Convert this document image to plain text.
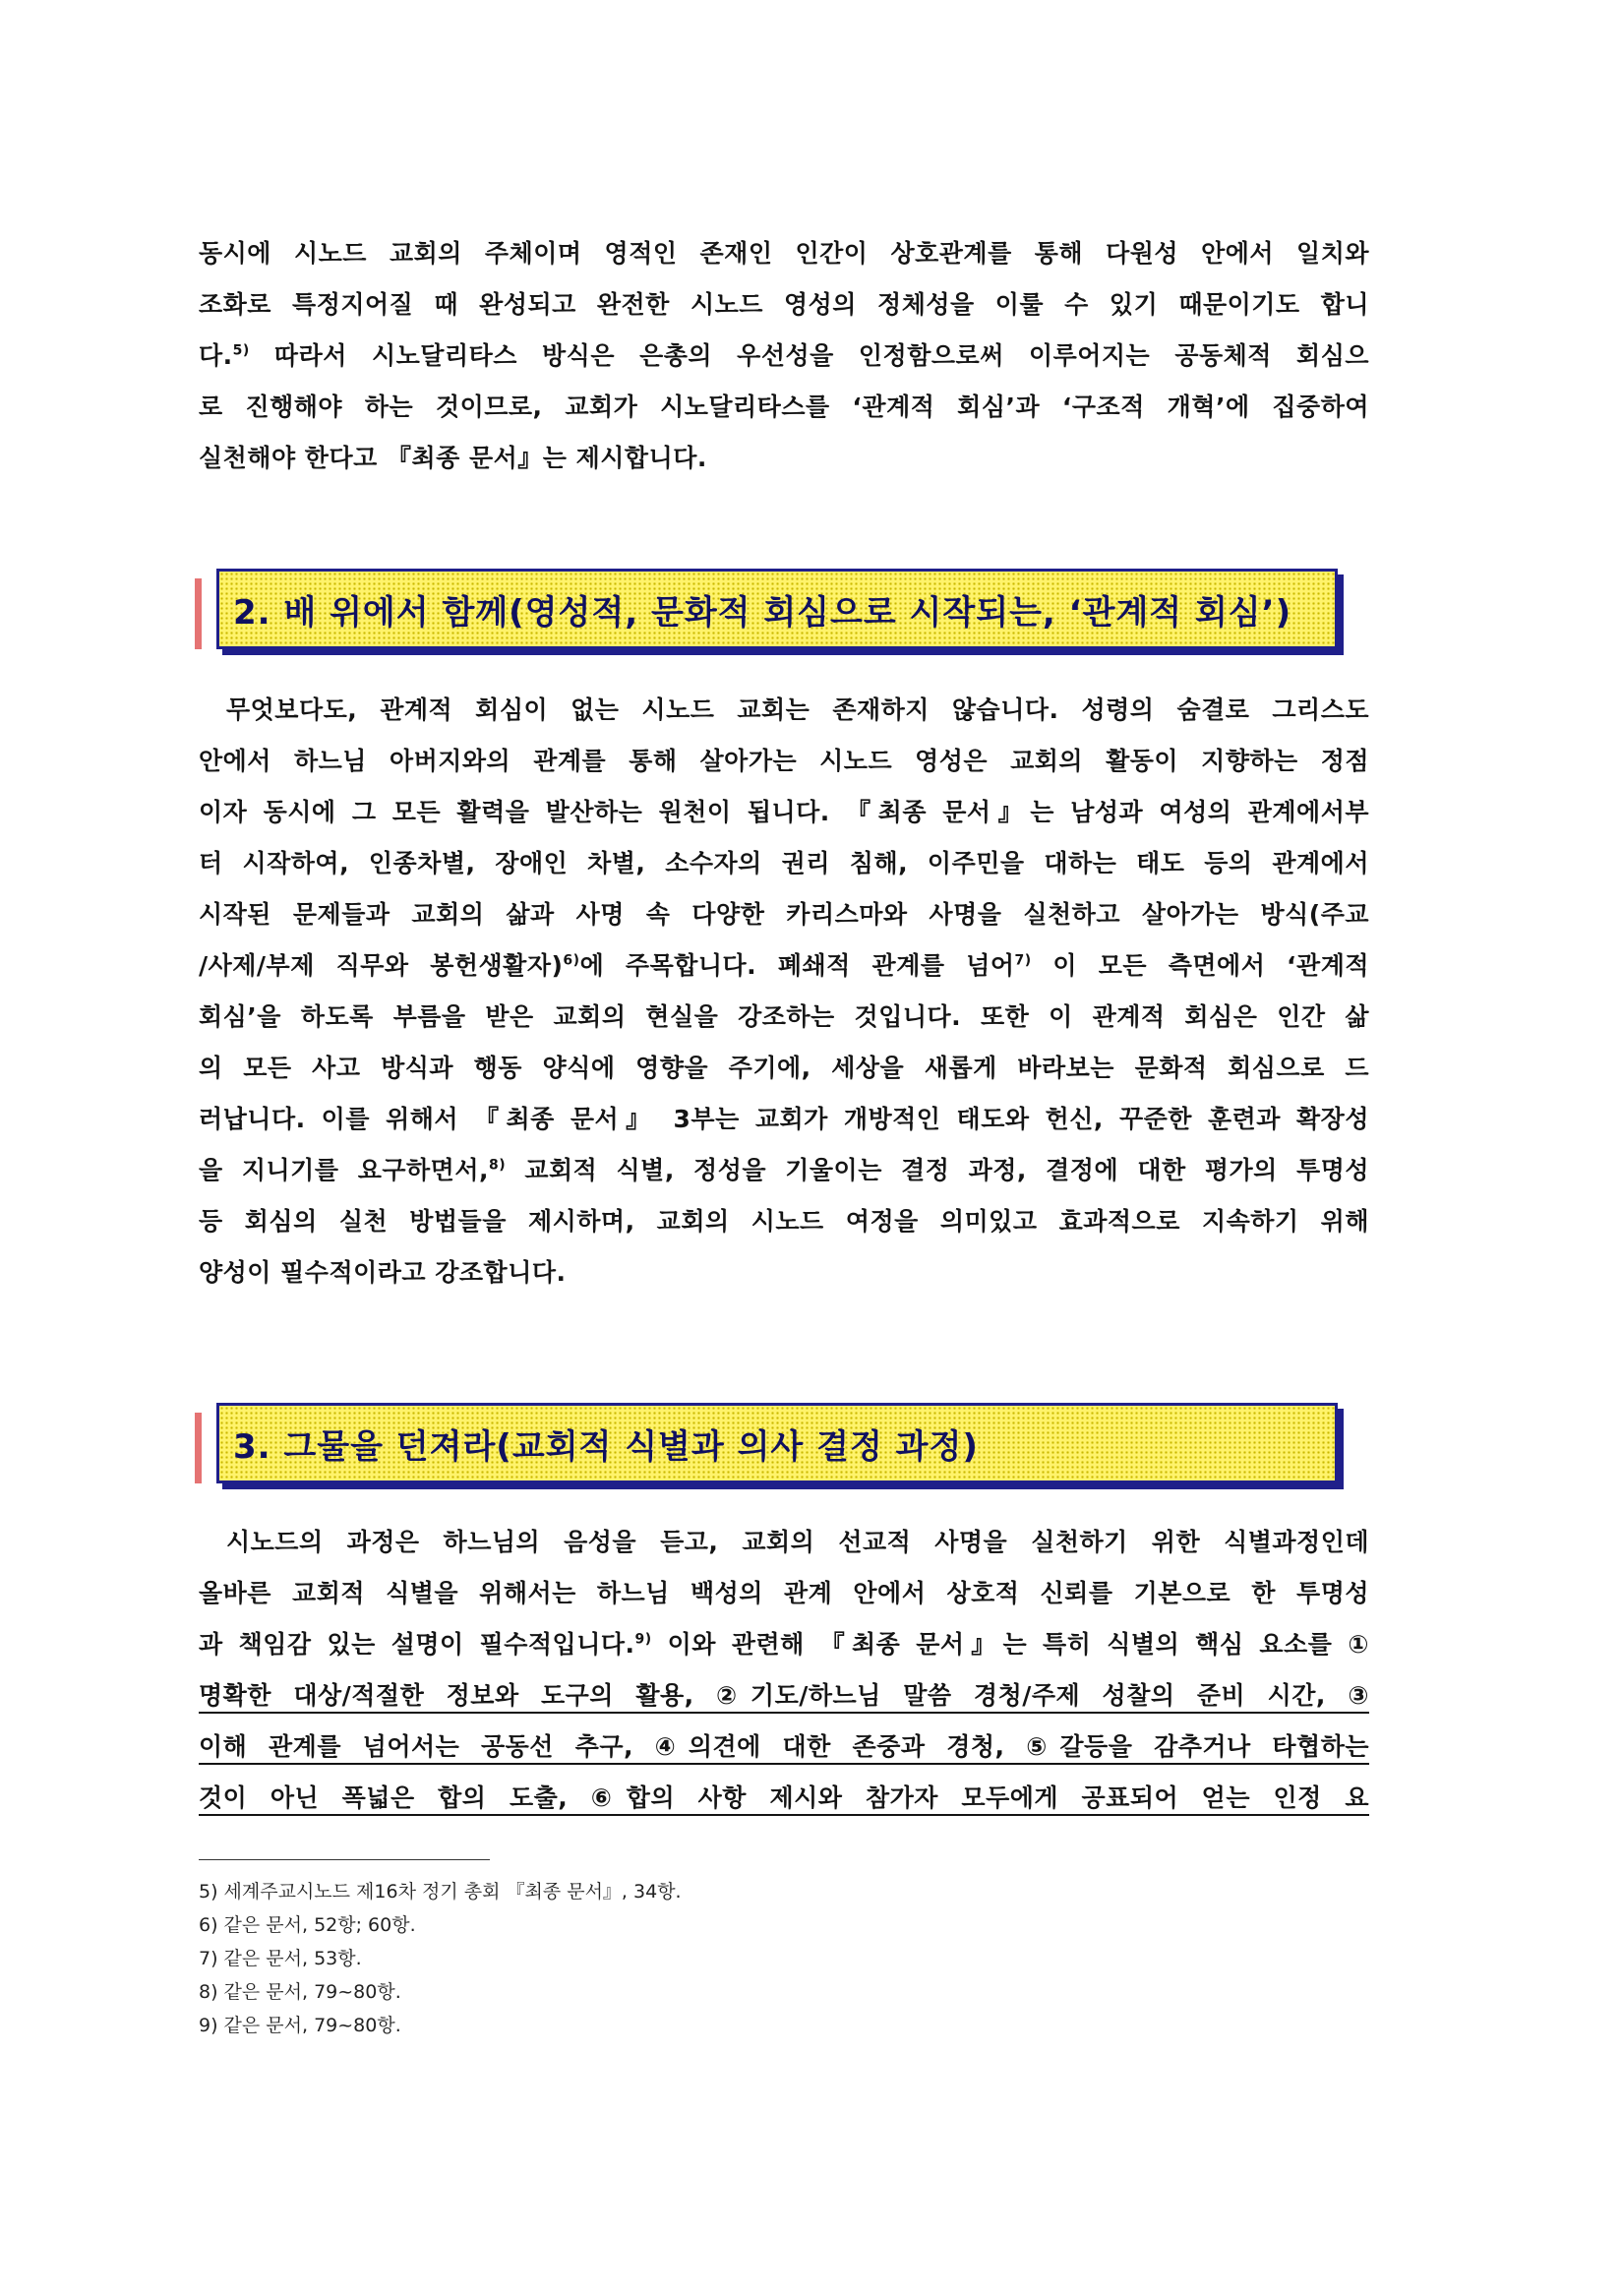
동시에 시노드 교회의 주체이며 영적인 존재인 인간이 상호관계를 통해 다원성 안에서 일치와
조화로 특정지어질 때 완성되고 완전한 시노드 영성의 정체성을 이룰 수 있기 때문이기도 합니
다.$^{5)}$ 따라서 시노달리타스 방식은 은총의 우선성을 인정함으로써 이루어지는 공동체적 회심으
로 진행해야 하는 것이므로, 교회가 시노달리타스를 ‘관계적 회심’과 ‘구조적 개혁’에 집중하여
실천해야 한다고 『최종 문서』는 제시합니다.
2. 배 위에서 함께(영성적, 문화적 회심으로 시작되는, ‘관계적 회심’)
무엇보다도, 관계적 회심이 없는 시노드 교회는 존재하지 않습니다. 성령의 숨결로 그리스도
안에서 하느님 아버지와의 관계를 통해 살아가는 시노드 영성은 교회의 활동이 지향하는 정점
이자 동시에 그 모든 활력을 발산하는 원천이 됩니다. 『최종 문서』는 남성과 여성의 관계에서부
터 시작하여, 인종차별, 장애인 차별, 소수자의 권리 침해, 이주민을 대하는 태도 등의 관계에서
시작된 문제들과 교회의 삶과 사명 속 다양한 카리스마와 사명을 실천하고 살아가는 방식(주교
/사제/부제 직무와 봉헌생활자)$^{6)}$에 주목합니다. 폐쇄적 관계를 넘어$^{7)}$ 이 모든 측면에서 ‘관계적
회심’을 하도록 부름을 받은 교회의 현실을 강조하는 것입니다. 또한 이 관계적 회심은 인간 삶
의 모든 사고 방식과 행동 양식에 영향을 주기에, 세상을 새롭게 바라보는 문화적 회심으로 드
러납니다. 이를 위해서 『최종 문서』 3부는 교회가 개방적인 태도와 헌신, 꾸준한 훈련과 확장성
을 지니기를 요구하면서,$^{8)}$ 교회적 식별, 정성을 기울이는 결정 과정, 결정에 대한 평가의 투명성
등 회심의 실천 방법들을 제시하며, 교회의 시노드 여정을 의미있고 효과적으로 지속하기 위해
양성이 필수적이라고 강조합니다.
3. 그물을 던져라(교회적 식별과 의사 결정 과정)
시노드의 과정은 하느님의 음성을 듣고, 교회의 선교적 사명을 실천하기 위한 식별과정인데
올바른 교회적 식별을 위해서는 하느님 백성의 관계 안에서 상호적 신뢰를 기본으로 한 투명성
과 책임감 있는 설명이 필수적입니다.$^{9)}$ 이와 관련해 『최종 문서』는 특히 식별의 핵심 요소를 ①
명확한 대상/적절한 정보와 도구의 활용, ②기도/하느님 말씀 경청/주제 성찰의 준비 시간, ③
이해 관계를 넘어서는 공동선 추구, ④의견에 대한 존중과 경청, ⑤갈등을 감추거나 타협하는
것이 아닌 폭넓은 합의 도출, ⑥합의 사항 제시와 참가자 모두에게 공표되어 얻는 인정 요
5) 세계주교시노드 제16차 정기 총회 『최종 문서』, 34항.
6) 같은 문서, 52항; 60항.
7) 같은 문서, 53항.
8) 같은 문서, 79~80항.
9) 같은 문서, 79~80항.
